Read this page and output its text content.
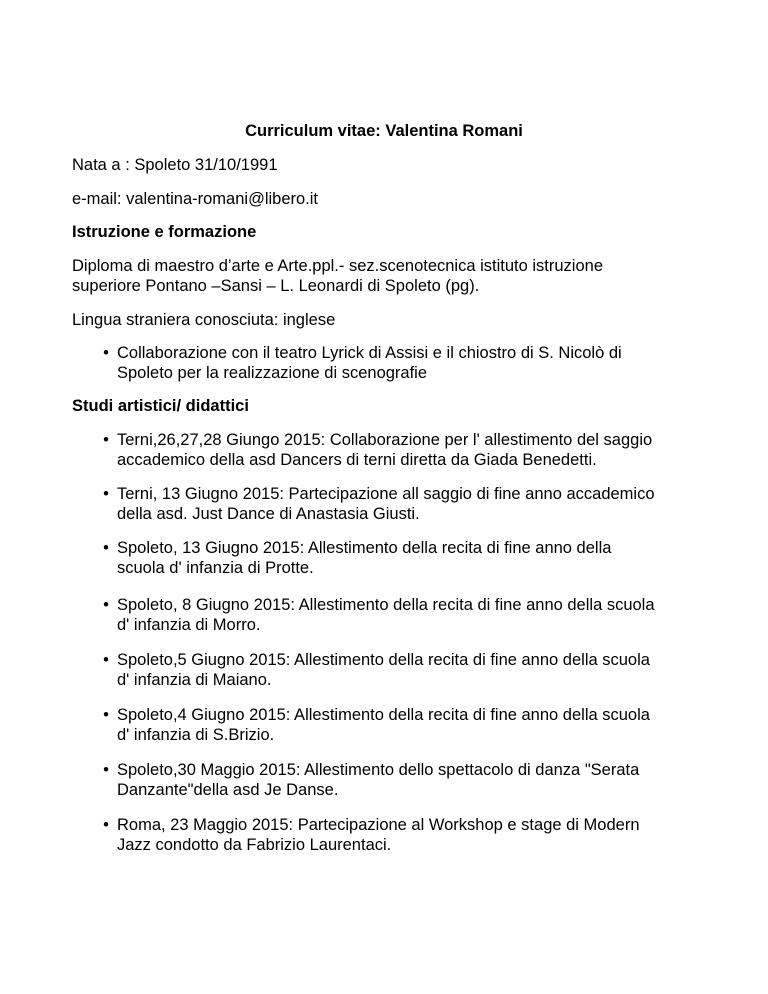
Curriculum vitae: Valentina Romani
Nata a : Spoleto 31/10/1991
e-mail: valentina-romani@libero.it
Istruzione e formazione
Diploma di maestro d’arte e Arte.ppl.- sez.scenotecnica istituto istruzione
superiore Pontano –Sansi – L. Leonardi di Spoleto (pg).
Lingua straniera conosciuta: inglese
• Collaborazione con il teatro Lyrick di Assisi e il chiostro di S. Nicolò di
Spoleto per la realizzazione di scenografie
Studi artistici/ didattici
• Terni,26,27,28 Giungo 2015: Collaborazione per l' allestimento del saggio
accademico della asd Dancers di terni diretta da Giada Benedetti.
• Terni, 13 Giugno 2015: Partecipazione all saggio di fine anno accademico
della asd. Just Dance di Anastasia Giusti.
• Spoleto, 13 Giugno 2015: Allestimento della recita di fine anno della
scuola d' infanzia di Protte.
• Spoleto, 8 Giugno 2015: Allestimento della recita di fine anno della scuola
d' infanzia di Morro.
• Spoleto,5 Giugno 2015: Allestimento della recita di fine anno della scuola
d' infanzia di Maiano.
• Spoleto,4 Giugno 2015: Allestimento della recita di fine anno della scuola
d' infanzia di S.Brizio.
• Spoleto,30 Maggio 2015: Allestimento dello spettacolo di danza "Serata
Danzante"della asd Je Danse.
• Roma, 23 Maggio 2015: Partecipazione al Workshop e stage di Modern
Jazz condotto da Fabrizio Laurentaci.
